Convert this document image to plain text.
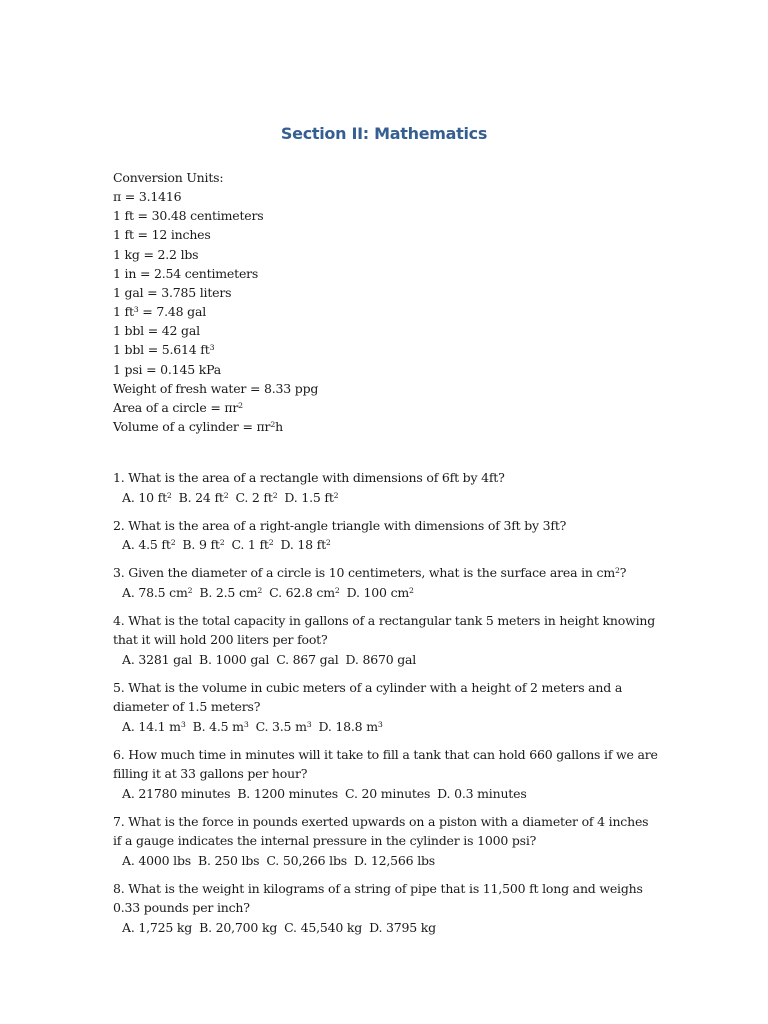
Section II: Mathematics
Conversion Units:
π = 3.1416
1 ft = 30.48 centimeters
1 ft = 12 inches
1 kg = 2.2 lbs
1 in = 2.54 centimeters
1 gal = 3.785 liters
1 $ft^3 = 7.48$ gal
1 bbl = 42 gal
1 bbl = 5.614 $ft^3$
1 psi = 0.145 kPa
Weight of fresh water = 8.33 ppg
Area of a circle = $\pi r^2$
Volume of a cylinder = $\pi r^2h$
1. What is the area of a rectangle with dimensions of 6ft by 4ft?
A. 10 $ft^2$ B. 24 $ft^2$ C. 2 $ft^2$ D. 1.5 $ft^2$
2. What is the area of a right-angle triangle with dimensions of 3ft by 3ft?
A. 4.5 $ft^2$ B. 9 $ft^2$ C. 1 $ft^2$ D. 18 $ft^2$
3. Given the diameter of a circle is 10 centimeters, what is the surface area in $cm^2$?
A. 78.5 $cm^2$ B. 2.5 $cm^2$ C. 62.8 $cm^2$ D. 100 $cm^2$
4. What is the total capacity in gallons of a rectangular tank 5 meters in height knowing that it will hold 200 liters per foot?
A. 3281 gal B. 1000 gal C. 867 gal D. 8670 gal
5. What is the volume in cubic meters of a cylinder with a height of 2 meters and a diameter of 1.5 meters?
A. 14.1 $m^3$ B. 4.5 $m^3$ C. 3.5 $m^3$ D. 18.8 $m^3$
6. How much time in minutes will it take to fill a tank that can hold 660 gallons if we are filling it at 33 gallons per hour?
A. 21780 minutes B. 1200 minutes C. 20 minutes D. 0.3 minutes
7. What is the force in pounds exerted upwards on a piston with a diameter of 4 inches if a gauge indicates the internal pressure in the cylinder is 1000 psi?
A. 4000 lbs B. 250 lbs C. 50,266 lbs D. 12,566 lbs
8. What is the weight in kilograms of a string of pipe that is 11,500 ft long and weighs 0.33 pounds per inch?
A. 1,725 kg B. 20,700 kg C. 45,540 kg D. 3795 kg
